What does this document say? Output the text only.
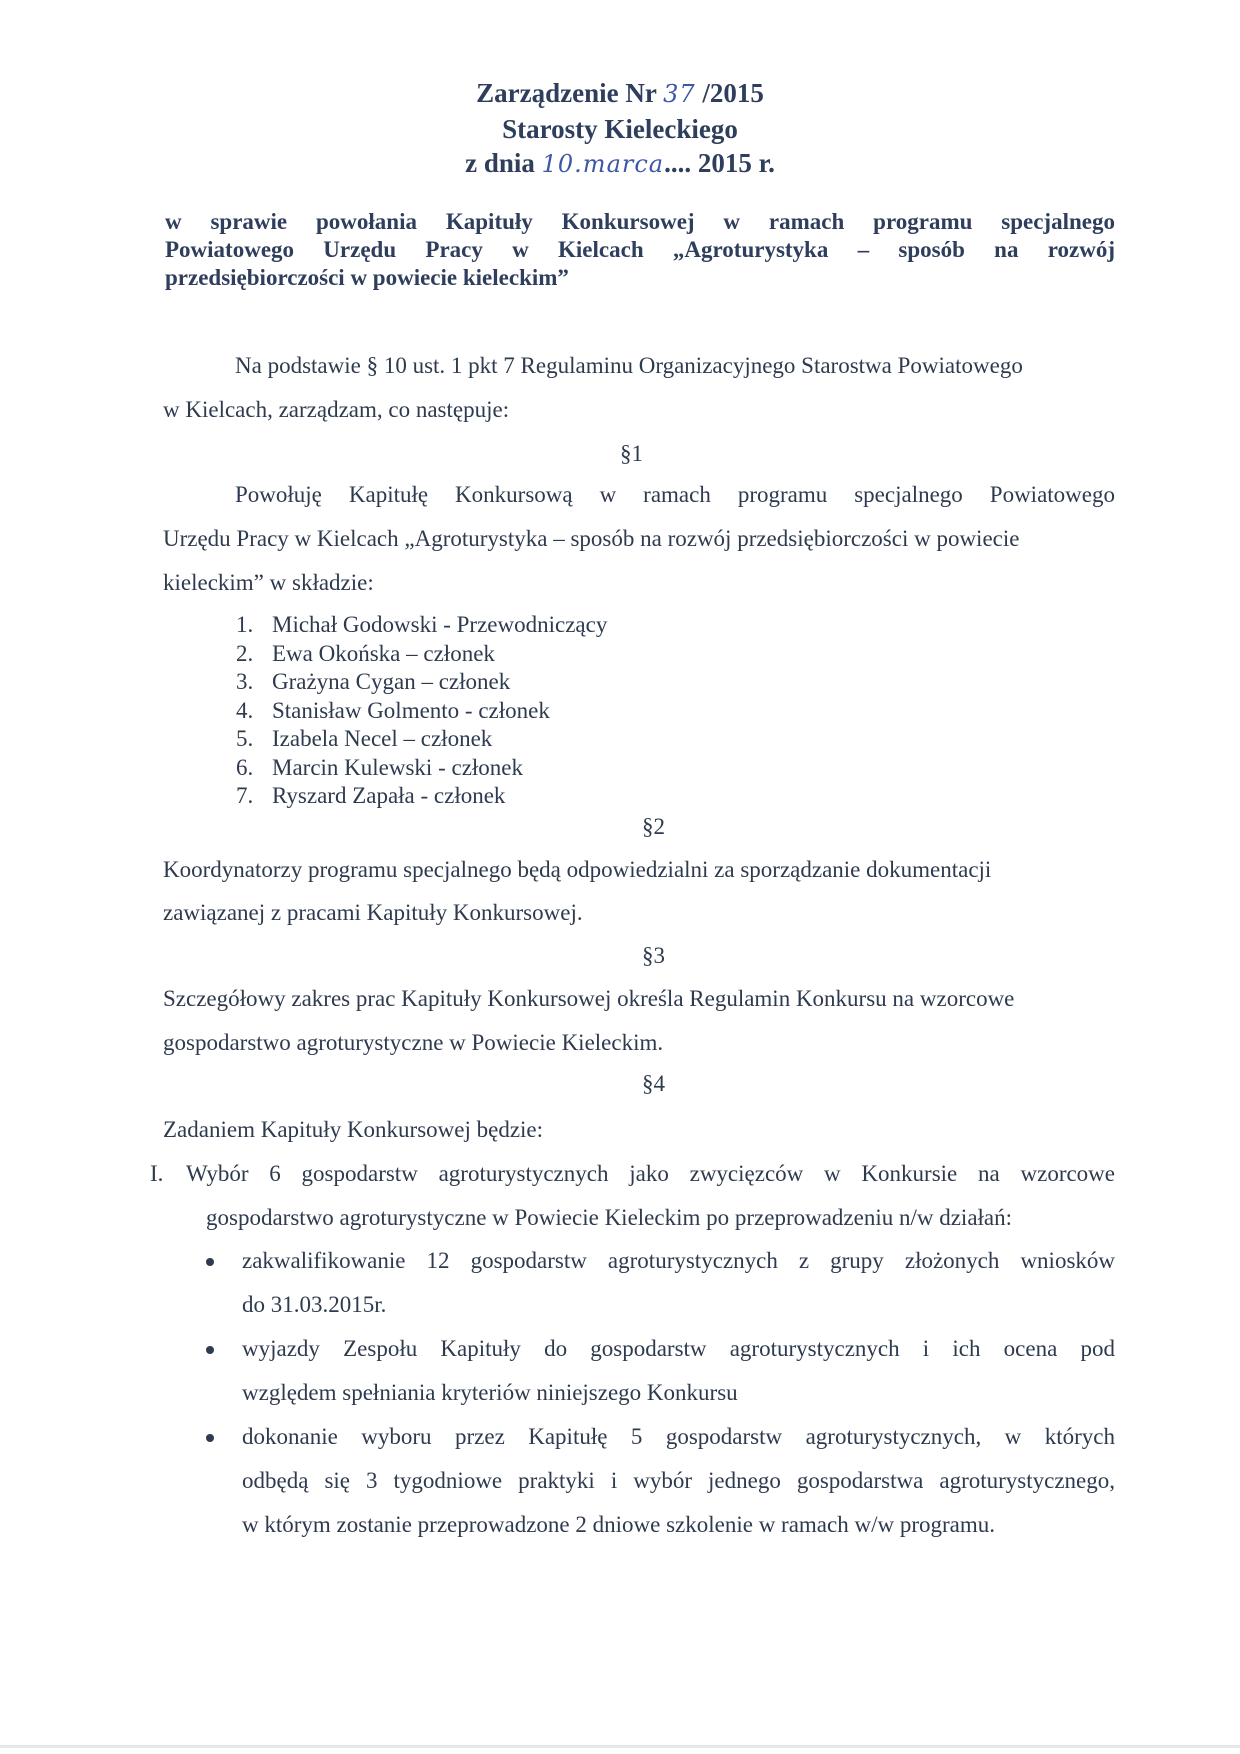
Zarządzenie Nr 37 /2015
Starosty Kieleckiego
z dnia 10.marca.... 2015 r.
w sprawie powołania Kapituły Konkursowej w ramach programu specjalnego
Powiatowego Urzędu Pracy w Kielcach „Agroturystyka – sposób na rozwój
przedsiębiorczości w powiecie kieleckim”
Na podstawie § 10 ust. 1 pkt 7 Regulaminu Organizacyjnego Starostwa Powiatowego
w Kielcach, zarządzam, co następuje:
§1
Powołuję Kapitułę Konkursową w ramach programu specjalnego Powiatowego
Urzędu Pracy w Kielcach „Agroturystyka – sposób na rozwój przedsiębiorczości w powiecie
kieleckim” w składzie:
1. Michał Godowski - Przewodniczący
2. Ewa Okońska – członek
3. Grażyna Cygan – członek
4. Stanisław Golmento - członek
5. Izabela Necel – członek
6. Marcin Kulewski - członek
7. Ryszard Zapała - członek
§2
Koordynatorzy programu specjalnego będą odpowiedzialni za sporządzanie dokumentacji
zawiązanej z pracami Kapituły Konkursowej.
§3
Szczegółowy zakres prac Kapituły Konkursowej określa Regulamin Konkursu na wzorcowe
gospodarstwo agroturystyczne w Powiecie Kieleckim.
§4
Zadaniem Kapituły Konkursowej będzie:
I. Wybór 6 gospodarstw agroturystycznych jako zwycięzców w Konkursie na wzorcowe
gospodarstwo agroturystyczne w Powiecie Kieleckim po przeprowadzeniu n/w działań:
zakwalifikowanie 12 gospodarstw agroturystycznych z grupy złożonych wniosków
do 31.03.2015r.
wyjazdy Zespołu Kapituły do gospodarstw agroturystycznych i ich ocena pod
względem spełniania kryteriów niniejszego Konkursu
dokonanie wyboru przez Kapitułę 5 gospodarstw agroturystycznych, w których
odbędą się 3 tygodniowe praktyki i wybór jednego gospodarstwa agroturystycznego,
w którym zostanie przeprowadzone 2 dniowe szkolenie w ramach w/w programu.
